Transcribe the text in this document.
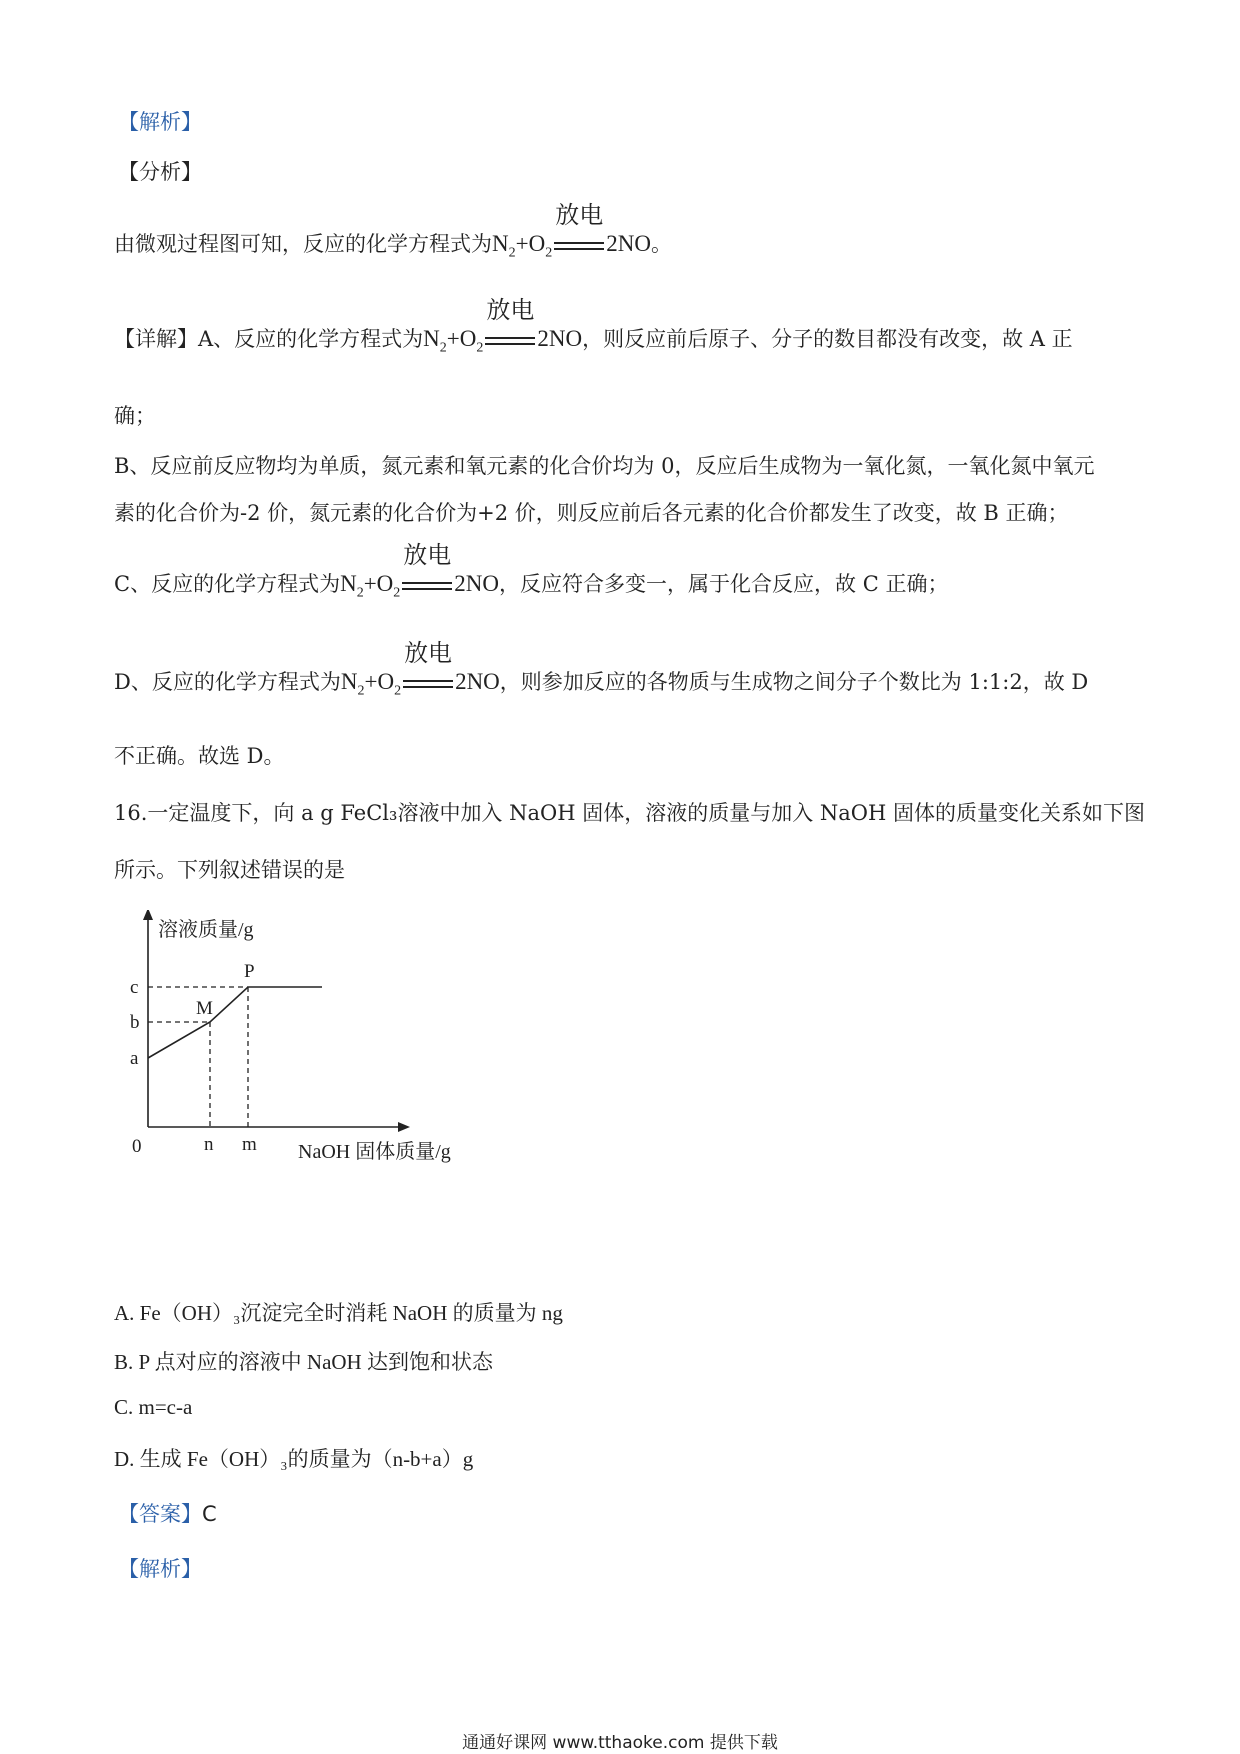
【解析】
【分析】
由微观过程图可知，反应的化学方程式为$N_2+O_2$
放电
2NO。
【详解】A、反应的化学方程式为$N_2+O_2$
放电
2NO，则反应前后原子、分子的数目都没有改变，故 A 正
确；
B、反应前反应物均为单质，氮元素和氧元素的化合价均为 0，反应后生成物为一氧化氮，一氧化氮中氧元
素的化合价为-2 价，氮元素的化合价为+2 价，则反应前后各元素的化合价都发生了改变，故 B 正确；
C、反应的化学方程式为$N_2+O_2$
放电
2NO，反应符合多变一，属于化合反应，故 C 正确；
D、反应的化学方程式为$N_2+O_2$
放电
2NO，则参加反应的各物质与生成物之间分子个数比为 1:1:2，故 D
不正确。故选 D。
16.一定温度下，向 a g FeCl₃溶液中加入 NaOH 固体，溶液的质量与加入 NaOH 固体的质量变化关系如下图
所示。下列叙述错误的是
溶液质量/g
NaOH 固体质量/g
0
a
b
c
n m
M
P
A. Fe（OH）₃沉淀完全时消耗 NaOH 的质量为 ng
B. P 点对应的溶液中 NaOH 达到饱和状态
C. m=c-a
D. 生成 Fe（OH）₃的质量为（n-b+a）g
【答案】C
【解析】
通通好课网 www.tthaoke.com 提供下载
